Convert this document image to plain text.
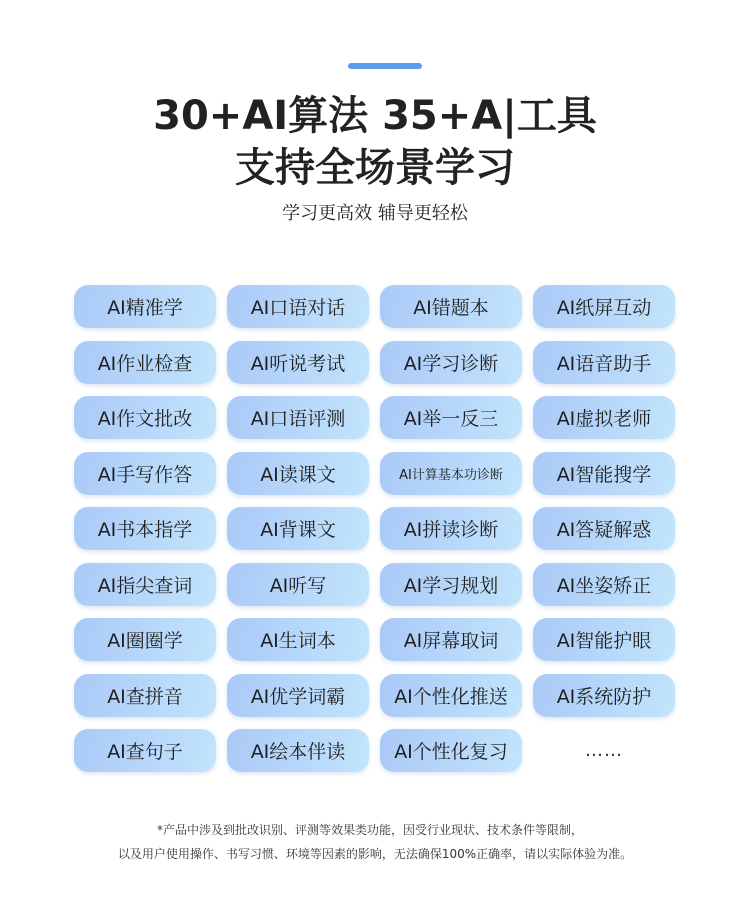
30+AI算法 35+A|工具
支持全场景学习
学习更高效 辅导更轻松
AI精准学	AI口语对话	AI错题本	AI纸屏互动
AI作业检查	AI听说考试	AI学习诊断	AI语音助手
AI作文批改	AI口语评测	AI举一反三	AI虚拟老师
AI手写作答	AI读课文	AI计算基本功诊断	AI智能搜学
AI书本指学	AI背课文	AI拼读诊断	AI答疑解惑
AI指尖查词	AI听写	AI学习规划	AI坐姿矫正
AI圈圈学	AI生词本	AI屏幕取词	AI智能护眼
AI查拼音	AI优学词霸	AI个性化推送	AI系统防护
AI查句子	AI绘本伴读	AI个性化复习	……
*产品中涉及到批改识别、评测等效果类功能，因受行业现状、技术条件等限制，
以及用户使用操作、书写习惯、环境等因素的影响，无法确保100%正确率，请以实际体验为准。
